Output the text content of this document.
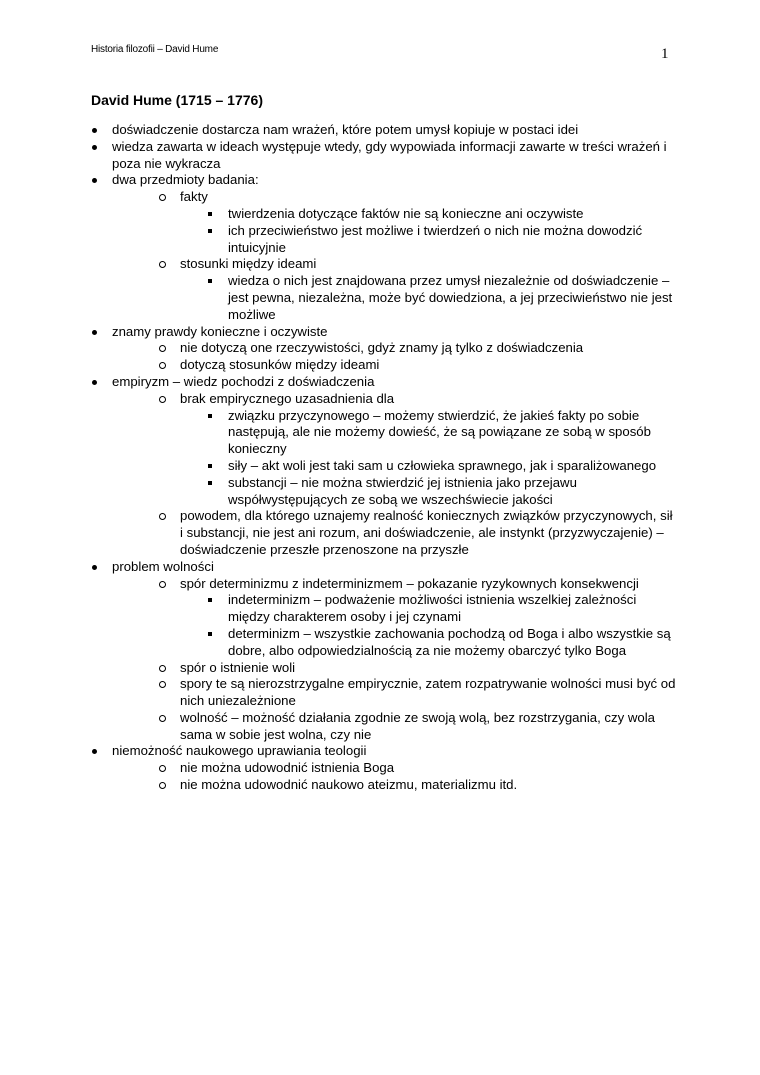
Historia filozofii – David Hume	1
David Hume (1715 – 1776)
doświadczenie dostarcza nam wrażeń, które potem umysł kopiuje w postaci idei
wiedza zawarta w ideach występuje wtedy, gdy wypowiada informacji zawarte w treści wrażeń i poza nie wykracza
dwa przedmioty badania:
fakty
twierdzenia dotyczące faktów nie są konieczne ani oczywiste
ich przeciwieństwo jest możliwe i twierdzeń o nich nie można dowodzić intuicyjnie
stosunki między ideami
wiedza o nich jest znajdowana przez umysł niezależnie od doświadczenie – jest pewna, niezależna, może być dowiedziona, a jej przeciwieństwo nie jest możliwe
znamy prawdy konieczne i oczywiste
nie dotyczą one rzeczywistości, gdyż znamy ją tylko z doświadczenia
dotyczą stosunków między ideami
empiryzm – wiedz pochodzi z doświadczenia
brak empirycznego uzasadnienia dla
związku przyczynowego – możemy stwierdzić, że jakieś fakty po sobie następują, ale nie możemy dowieść, że są powiązane ze sobą w sposób konieczny
siły – akt woli jest taki sam u człowieka sprawnego, jak i sparaliżowanego
substancji – nie można stwierdzić jej istnienia jako przejawu współwystępujących ze sobą we wszechświecie jakości
powodem, dla którego uznajemy realność koniecznych związków przyczynowych, sił i substancji, nie jest ani rozum, ani doświadczenie, ale instynkt (przyzwyczajenie) – doświadczenie przeszłe przenoszone na przyszłe
problem wolności
spór determinizmu z indeterminizmem – pokazanie ryzykownych konsekwencji
indeterminizm – podważenie możliwości istnienia wszelkiej zależności między charakterem osoby i jej czynami
determinizm – wszystkie zachowania pochodzą od Boga i albo wszystkie są dobre, albo odpowiedzialnością za nie możemy obarczyć tylko Boga
spór o istnienie woli
spory te są nierozstrzygalne empirycznie, zatem rozpatrywanie wolności musi być od nich uniezależnione
wolność – możność działania zgodnie ze swoją wolą, bez rozstrzygania, czy wola sama w sobie jest wolna, czy nie
niemożność naukowego uprawiania teologii
nie można udowodnić istnienia Boga
nie można udowodnić naukowo ateizmu, materializmu itd.
